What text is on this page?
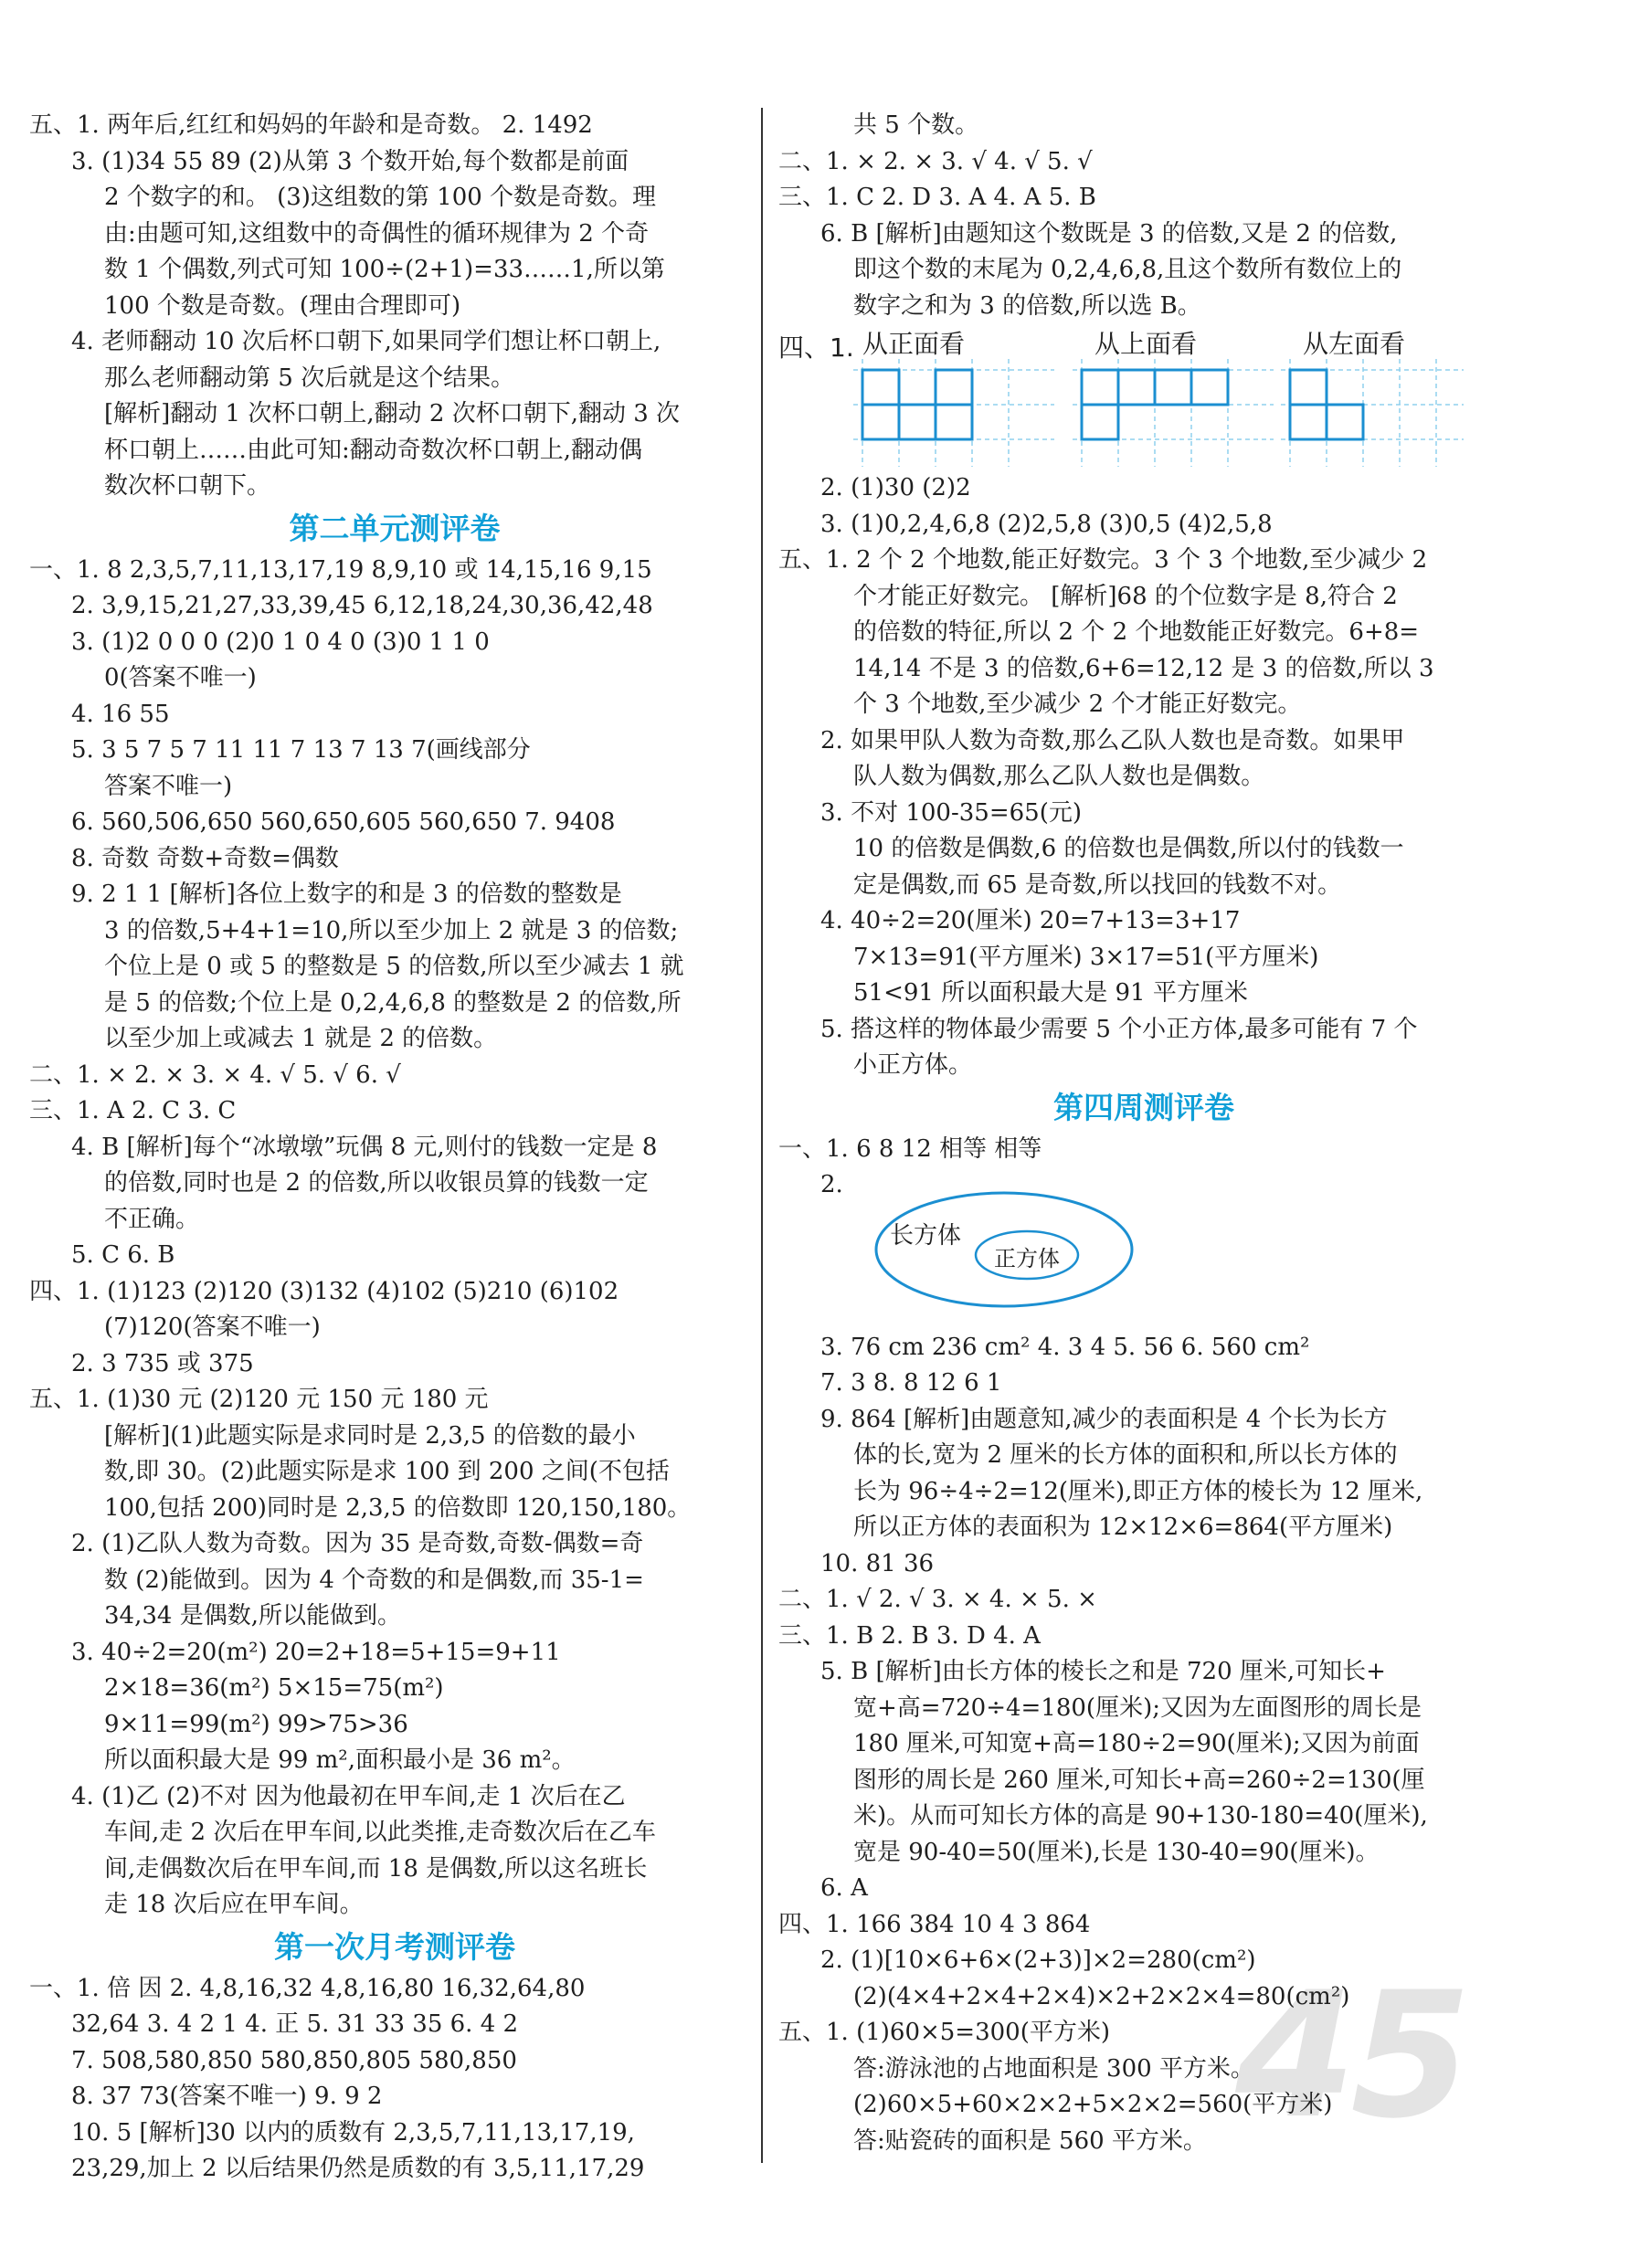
45
五、1. 两年后,红红和妈妈的年龄和是奇数。 2. 1492
3. (1)34 55 89 (2)从第 3 个数开始,每个数都是前面
2 个数字的和。 (3)这组数的第 100 个数是奇数。理
由:由题可知,这组数中的奇偶性的循环规律为 2 个奇
数 1 个偶数,列式可知 100÷(2+1)=33……1,所以第
100 个数是奇数。(理由合理即可)
4. 老师翻动 10 次后杯口朝下,如果同学们想让杯口朝上,
那么老师翻动第 5 次后就是这个结果。
[解析]翻动 1 次杯口朝上,翻动 2 次杯口朝下,翻动 3 次
杯口朝上……由此可知:翻动奇数次杯口朝上,翻动偶
数次杯口朝下。
第二单元测评卷
一、1. 8 2,3,5,7,11,13,17,19 8,9,10 或 14,15,16 9,15
2. 3,9,15,21,27,33,39,45 6,12,18,24,30,36,42,48
3. (1)2 0 0 0 (2)0 1 0 4 0 (3)0 1 1 0
0(答案不唯一)
4. 16 55
5. 3 5 7 5 7 11 11 7 13 7 13 7(画线部分
答案不唯一)
6. 560,506,650 560,650,605 560,650 7. 9408
8. 奇数 奇数+奇数=偶数
9. 2 1 1 [解析]各位上数字的和是 3 的倍数的整数是
3 的倍数,5+4+1=10,所以至少加上 2 就是 3 的倍数;
个位上是 0 或 5 的整数是 5 的倍数,所以至少减去 1 就
是 5 的倍数;个位上是 0,2,4,6,8 的整数是 2 的倍数,所
以至少加上或减去 1 就是 2 的倍数。
二、1. × 2. × 3. × 4. √ 5. √ 6. √
三、1. A 2. C 3. C
4. B [解析]每个“冰墩墩”玩偶 8 元,则付的钱数一定是 8
的倍数,同时也是 2 的倍数,所以收银员算的钱数一定
不正确。
5. C 6. B
四、1. (1)123 (2)120 (3)132 (4)102 (5)210 (6)102
(7)120(答案不唯一)
2. 3 735 或 375
五、1. (1)30 元 (2)120 元 150 元 180 元
[解析](1)此题实际是求同时是 2,3,5 的倍数的最小
数,即 30。(2)此题实际是求 100 到 200 之间(不包括
100,包括 200)同时是 2,3,5 的倍数即 120,150,180。
2. (1)乙队人数为奇数。因为 35 是奇数,奇数-偶数=奇
数 (2)能做到。因为 4 个奇数的和是偶数,而 35-1=
34,34 是偶数,所以能做到。
3. 40÷2=20(m²) 20=2+18=5+15=9+11
2×18=36(m²) 5×15=75(m²)
9×11=99(m²) 99>75>36
所以面积最大是 99 m²,面积最小是 36 m²。
4. (1)乙 (2)不对 因为他最初在甲车间,走 1 次后在乙
车间,走 2 次后在甲车间,以此类推,走奇数次后在乙车
间,走偶数次后在甲车间,而 18 是偶数,所以这名班长
走 18 次后应在甲车间。
第一次月考测评卷
一、1. 倍 因 2. 4,8,16,32 4,8,16,80 16,32,64,80
32,64 3. 4 2 1 4. 正 5. 31 33 35 6. 4 2
7. 508,580,850 580,850,805 580,850
8. 37 73(答案不唯一) 9. 9 2
10. 5 [解析]30 以内的质数有 2,3,5,7,11,13,17,19,
23,29,加上 2 以后结果仍然是质数的有 3,5,11,17,29
共 5 个数。
二、1. × 2. × 3. √ 4. √ 5. √
三、1. C 2. D 3. A 4. A 5. B
6. B [解析]由题知这个数既是 3 的倍数,又是 2 的倍数,
即这个数的末尾为 0,2,4,6,8,且这个数所有数位上的
数字之和为 3 的倍数,所以选 B。
四、1. 从正面看	从上面看	从左面看
2. (1)30 (2)2
3. (1)0,2,4,6,8 (2)2,5,8 (3)0,5 (4)2,5,8
五、1. 2 个 2 个地数,能正好数完。3 个 3 个地数,至少减少 2
个才能正好数完。 [解析]68 的个位数字是 8,符合 2
的倍数的特征,所以 2 个 2 个地数能正好数完。6+8=
14,14 不是 3 的倍数,6+6=12,12 是 3 的倍数,所以 3
个 3 个地数,至少减少 2 个才能正好数完。
2. 如果甲队人数为奇数,那么乙队人数也是奇数。如果甲
队人数为偶数,那么乙队人数也是偶数。
3. 不对 100-35=65(元)
10 的倍数是偶数,6 的倍数也是偶数,所以付的钱数一
定是偶数,而 65 是奇数,所以找回的钱数不对。
4. 40÷2=20(厘米) 20=7+13=3+17
7×13=91(平方厘米) 3×17=51(平方厘米)
51<91 所以面积最大是 91 平方厘米
5. 搭这样的物体最少需要 5 个小正方体,最多可能有 7 个
小正方体。
第四周测评卷
一、1. 6 8 12 相等 相等
2.
长方体
正方体
3. 76 cm 236 cm² 4. 3 4 5. 56 6. 560 cm²
7. 3 8. 8 12 6 1
9. 864 [解析]由题意知,减少的表面积是 4 个长为长方
体的长,宽为 2 厘米的长方体的面积和,所以长方体的
长为 96÷4÷2=12(厘米),即正方体的棱长为 12 厘米,
所以正方体的表面积为 12×12×6=864(平方厘米)
10. 81 36
二、1. √ 2. √ 3. × 4. × 5. ×
三、1. B 2. B 3. D 4. A
5. B [解析]由长方体的棱长之和是 720 厘米,可知长+
宽+高=720÷4=180(厘米);又因为左面图形的周长是
180 厘米,可知宽+高=180÷2=90(厘米);又因为前面
图形的周长是 260 厘米,可知长+高=260÷2=130(厘
米)。从而可知长方体的高是 90+130-180=40(厘米),
宽是 90-40=50(厘米),长是 130-40=90(厘米)。
6. A
四、1. 166 384 10 4 3 864
2. (1)[10×6+6×(2+3)]×2=280(cm²)
(2)(4×4+2×4+2×4)×2+2×2×4=80(cm²)
五、1. (1)60×5=300(平方米)
答:游泳池的占地面积是 300 平方米。
(2)60×5+60×2×2+5×2×2=560(平方米)
答:贴瓷砖的面积是 560 平方米。
